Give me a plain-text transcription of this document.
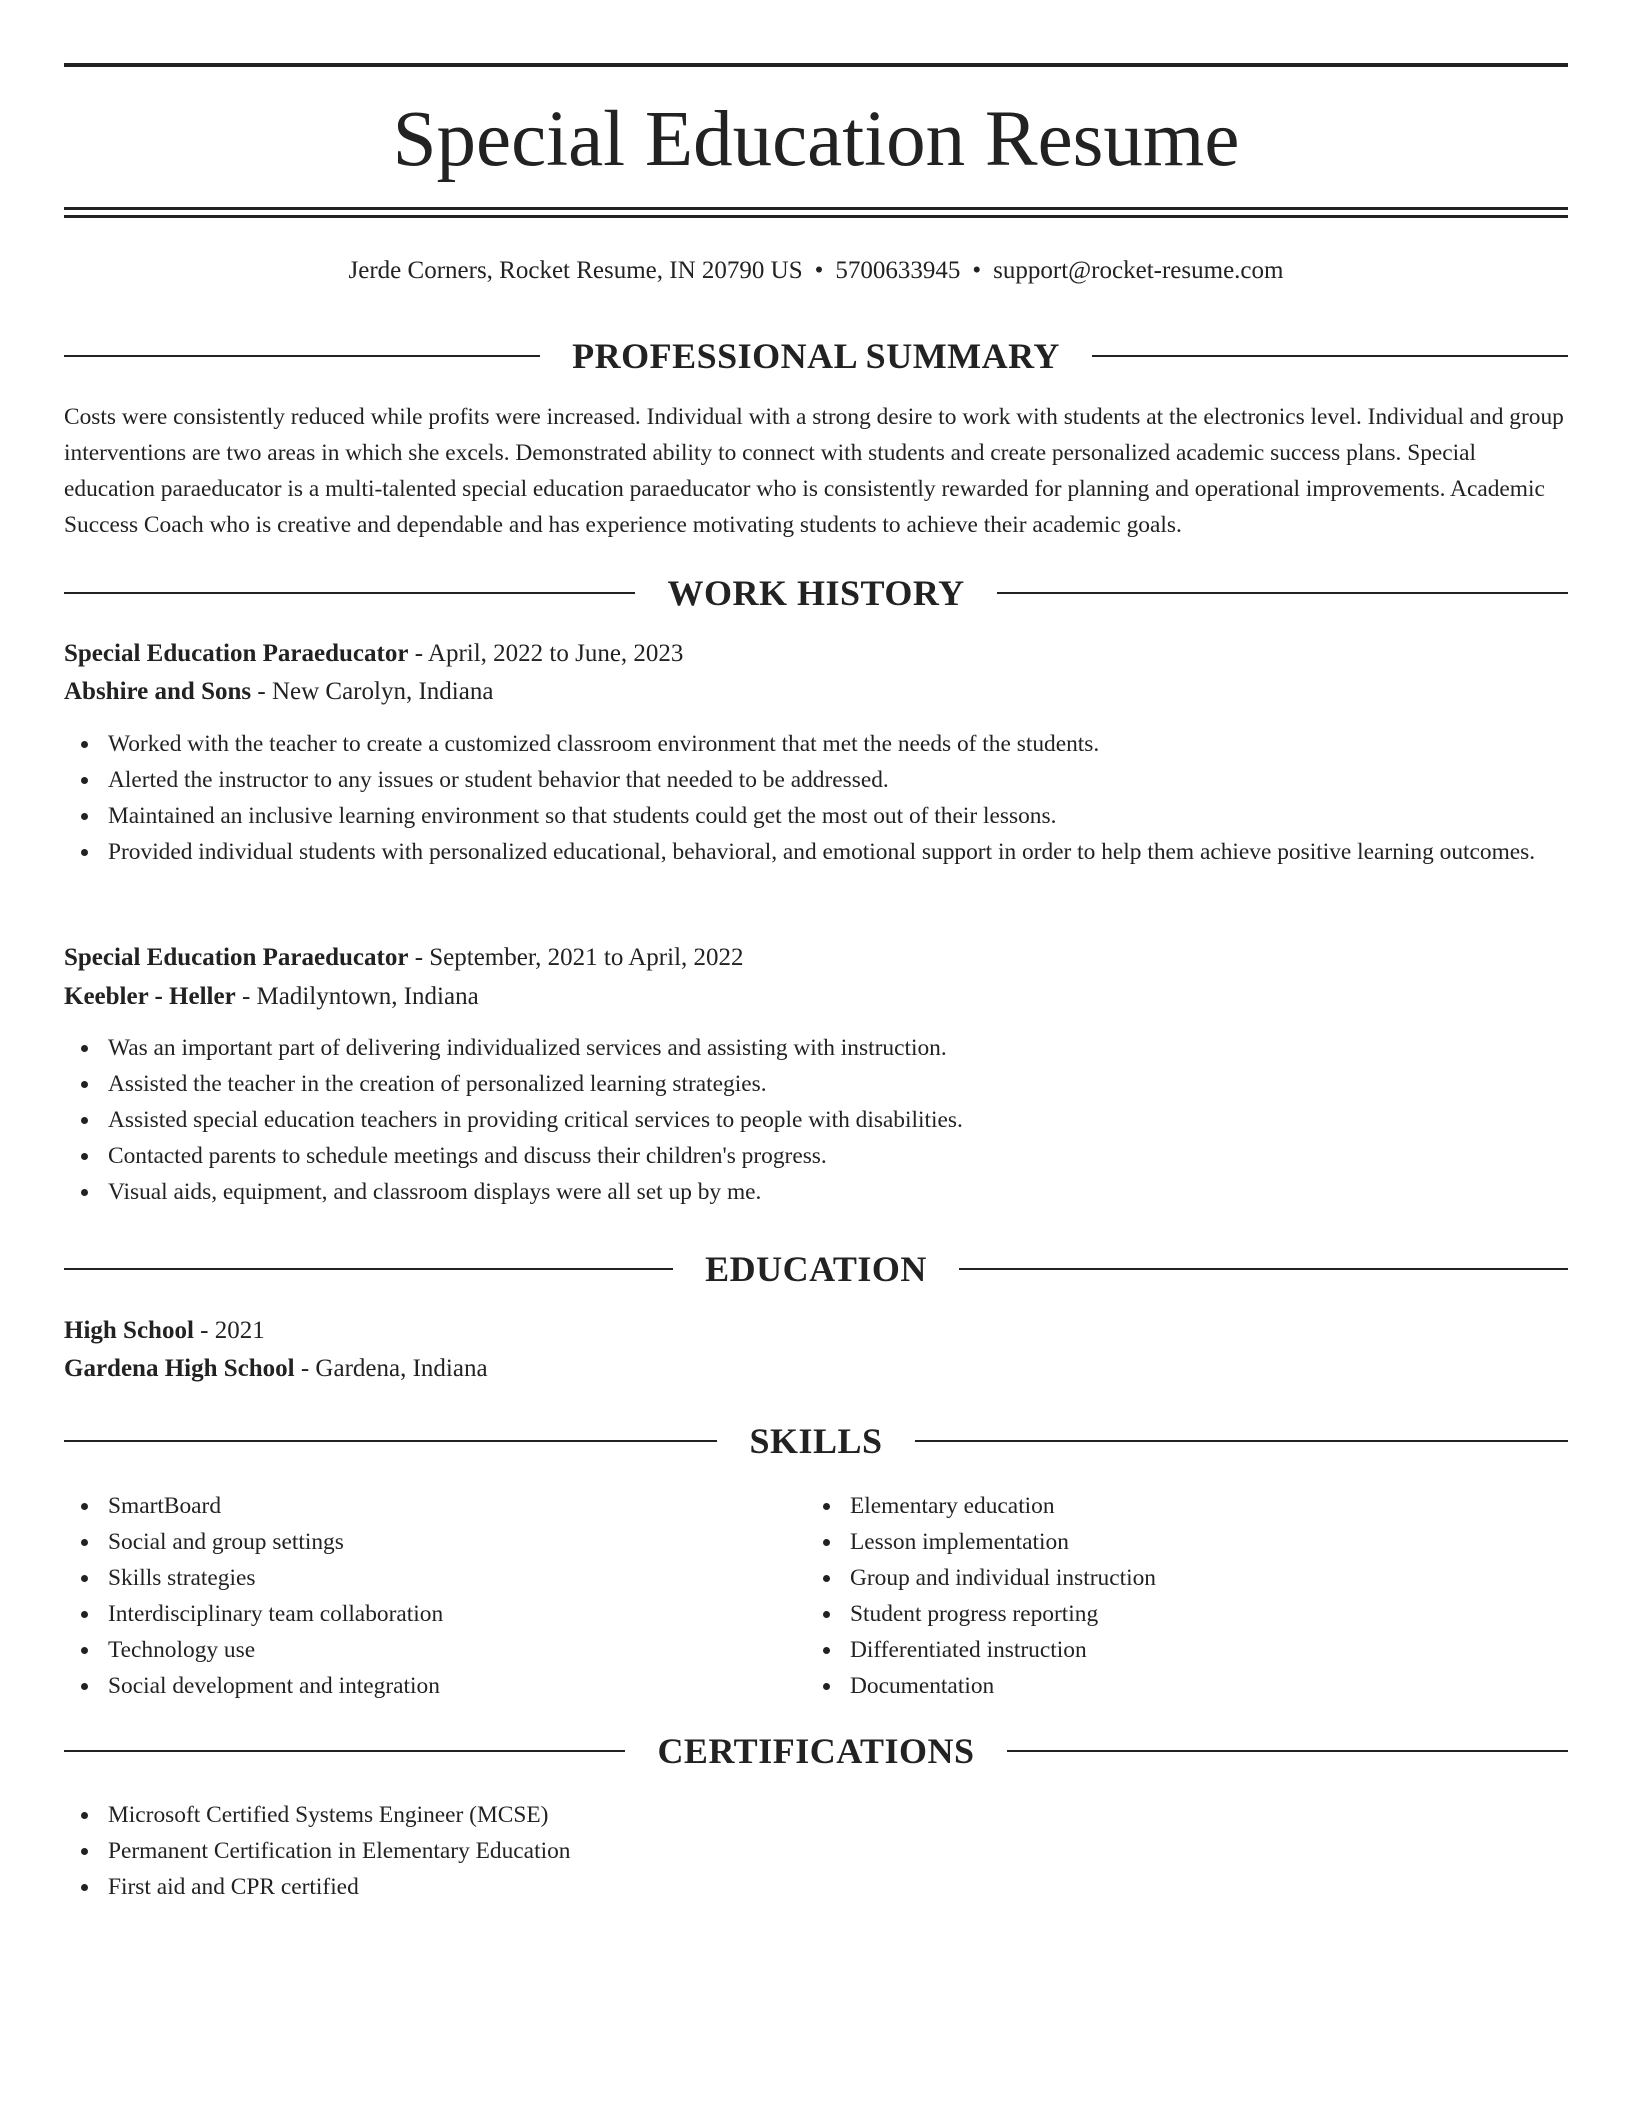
Special Education Resume
Jerde Corners, Rocket Resume, IN 20790 US • 5700633945 • support@rocket-resume.com
PROFESSIONAL SUMMARY

Costs were consistently reduced while profits were increased. Individual with a strong desire to work with students at the electronics level. Individual and group interventions are two areas in which she excels. Demonstrated ability to connect with students and create personalized academic success plans. Special education paraeducator is a multi-talented special education paraeducator who is consistently rewarded for planning and operational improvements. Academic Success Coach who is creative and dependable and has experience motivating students to achieve their academic goals.

WORK HISTORY
Special Education Paraeducator - April, 2022 to June, 2023
Abshire and Sons - New Carolyn, Indiana
Worked with the teacher to create a customized classroom environment that met the needs of the students.
Alerted the instructor to any issues or student behavior that needed to be addressed.
Maintained an inclusive learning environment so that students could get the most out of their lessons.
Provided individual students with personalized educational, behavioral, and emotional support in order to help them achieve positive learning outcomes.
Special Education Paraeducator - September, 2021 to April, 2022
Keebler - Heller - Madilyntown, Indiana
Was an important part of delivering individualized services and assisting with instruction.
Assisted the teacher in the creation of personalized learning strategies.
Assisted special education teachers in providing critical services to people with disabilities.
Contacted parents to schedule meetings and discuss their children's progress.
Visual aids, equipment, and classroom displays were all set up by me.
EDUCATION
High School - 2021
Gardena High School - Gardena, Indiana
SKILLS
SmartBoard
Social and group settings
Skills strategies
Interdisciplinary team collaboration
Technology use
Social development and integration
Elementary education
Lesson implementation
Group and individual instruction
Student progress reporting
Differentiated instruction
Documentation
CERTIFICATIONS
Microsoft Certified Systems Engineer (MCSE)
Permanent Certification in Elementary Education
First aid and CPR certified
